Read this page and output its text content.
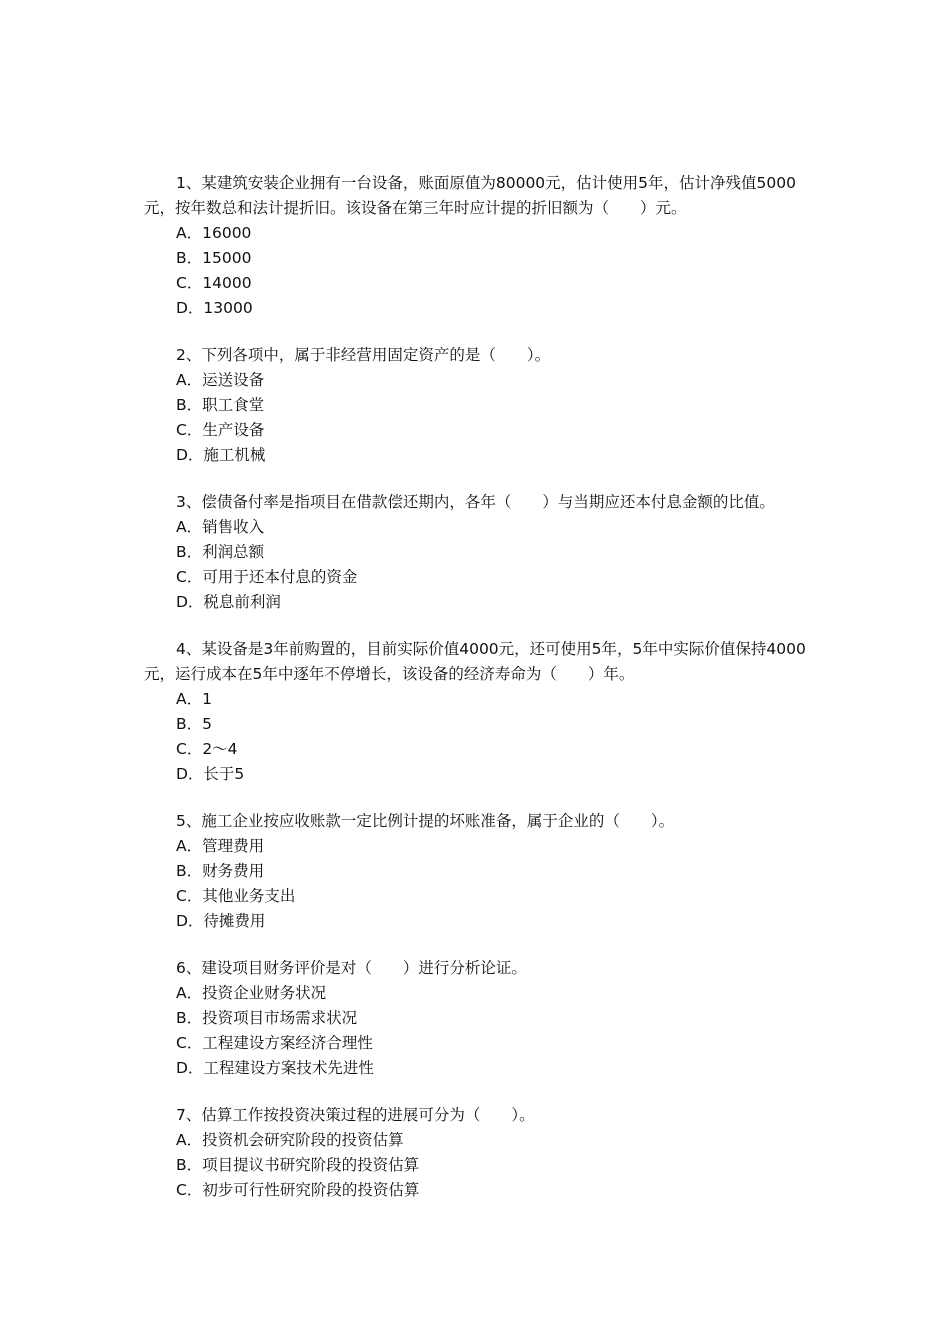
1、某建筑安装企业拥有一台设备，账面原值为80000元，估计使用5年，估计净残值5000元，按年数总和法计提折旧。该设备在第三年时应计提的折旧额为（　　）元。

A．16000

B．15000

C．14000

D．13000

2、下列各项中，属于非经营用固定资产的是（　　）。

A．运送设备

B．职工食堂

C．生产设备

D．施工机械

3、偿债备付率是指项目在借款偿还期内，各年（　　）与当期应还本付息金额的比值。

A．销售收入

B．利润总额

C．可用于还本付息的资金

D．税息前利润

4、某设备是3年前购置的，目前实际价值4000元，还可使用5年，5年中实际价值保持4000元，运行成本在5年中逐年不停增长，该设备的经济寿命为（　　）年。

A．1

B．5

C．2～4

D．长于5

5、施工企业按应收账款一定比例计提的坏账准备，属于企业的（　　）。

A．管理费用

B．财务费用

C．其他业务支出

D．待摊费用

6、建设项目财务评价是对（　　）进行分析论证。

A．投资企业财务状况

B．投资项目市场需求状况

C．工程建设方案经济合理性

D．工程建设方案技术先进性

7、估算工作按投资决策过程的进展可分为（　　）。

A．投资机会研究阶段的投资估算

B．项目提议书研究阶段的投资估算

C．初步可行性研究阶段的投资估算
